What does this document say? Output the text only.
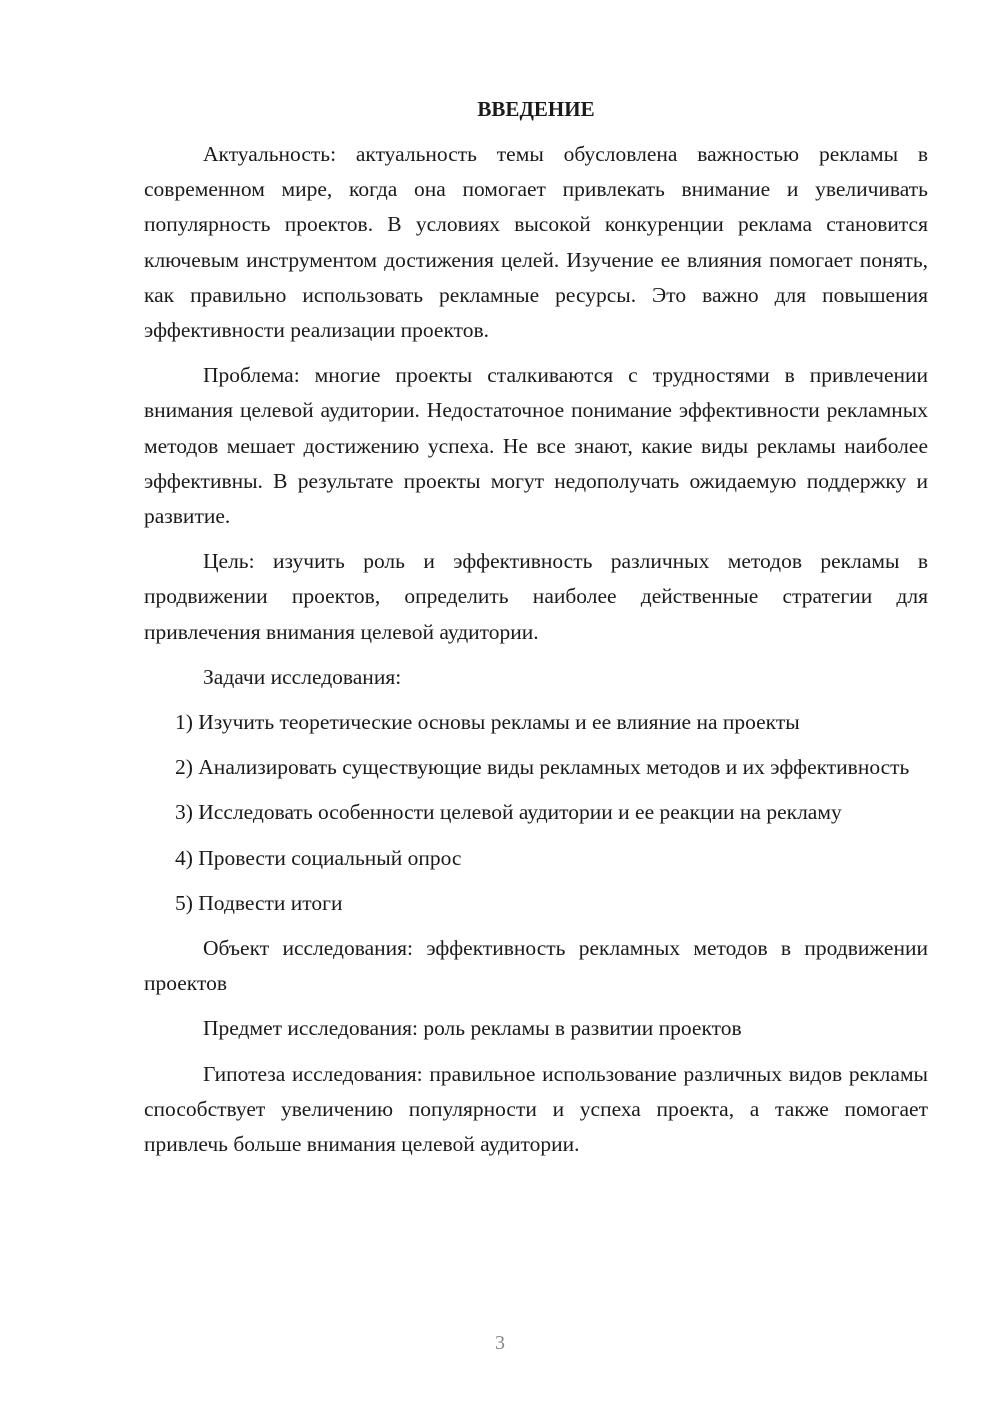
ВВЕДЕНИЕ

Актуальность: актуальность темы обусловлена важностью рекламы в современном мире, когда она помогает привлекать внимание и увеличивать популярность проектов. В условиях высокой конкуренции реклама становится ключевым инструментом достижения целей. Изучение ее влияния помогает понять, как правильно использовать рекламные ресурсы. Это важно для повышения эффективности реализации проектов.

Проблема: многие проекты сталкиваются с трудностями в привлечении внимания целевой аудитории. Недостаточное понимание эффективности рекламных методов мешает достижению успеха. Не все знают, какие виды рекламы наиболее эффективны. В результате проекты могут недополучать ожидаемую поддержку и развитие.

Цель: изучить роль и эффективность различных методов рекламы в продвижении проектов, определить наиболее действенные стратегии для привлечения внимания целевой аудитории.

Задачи исследования:

1) Изучить теоретические основы рекламы и ее влияние на проекты

2) Анализировать существующие виды рекламных методов и их эффективность

3) Исследовать особенности целевой аудитории и ее реакции на рекламу

4) Провести социальный опрос

5) Подвести итоги

Объект исследования: эффективность рекламных методов в продвижении проектов

Предмет исследования: роль рекламы в развитии проектов

Гипотеза исследования: правильное использование различных видов рекламы способствует увеличению популярности и успеха проекта, а также помогает привлечь больше внимания целевой аудитории.

3
